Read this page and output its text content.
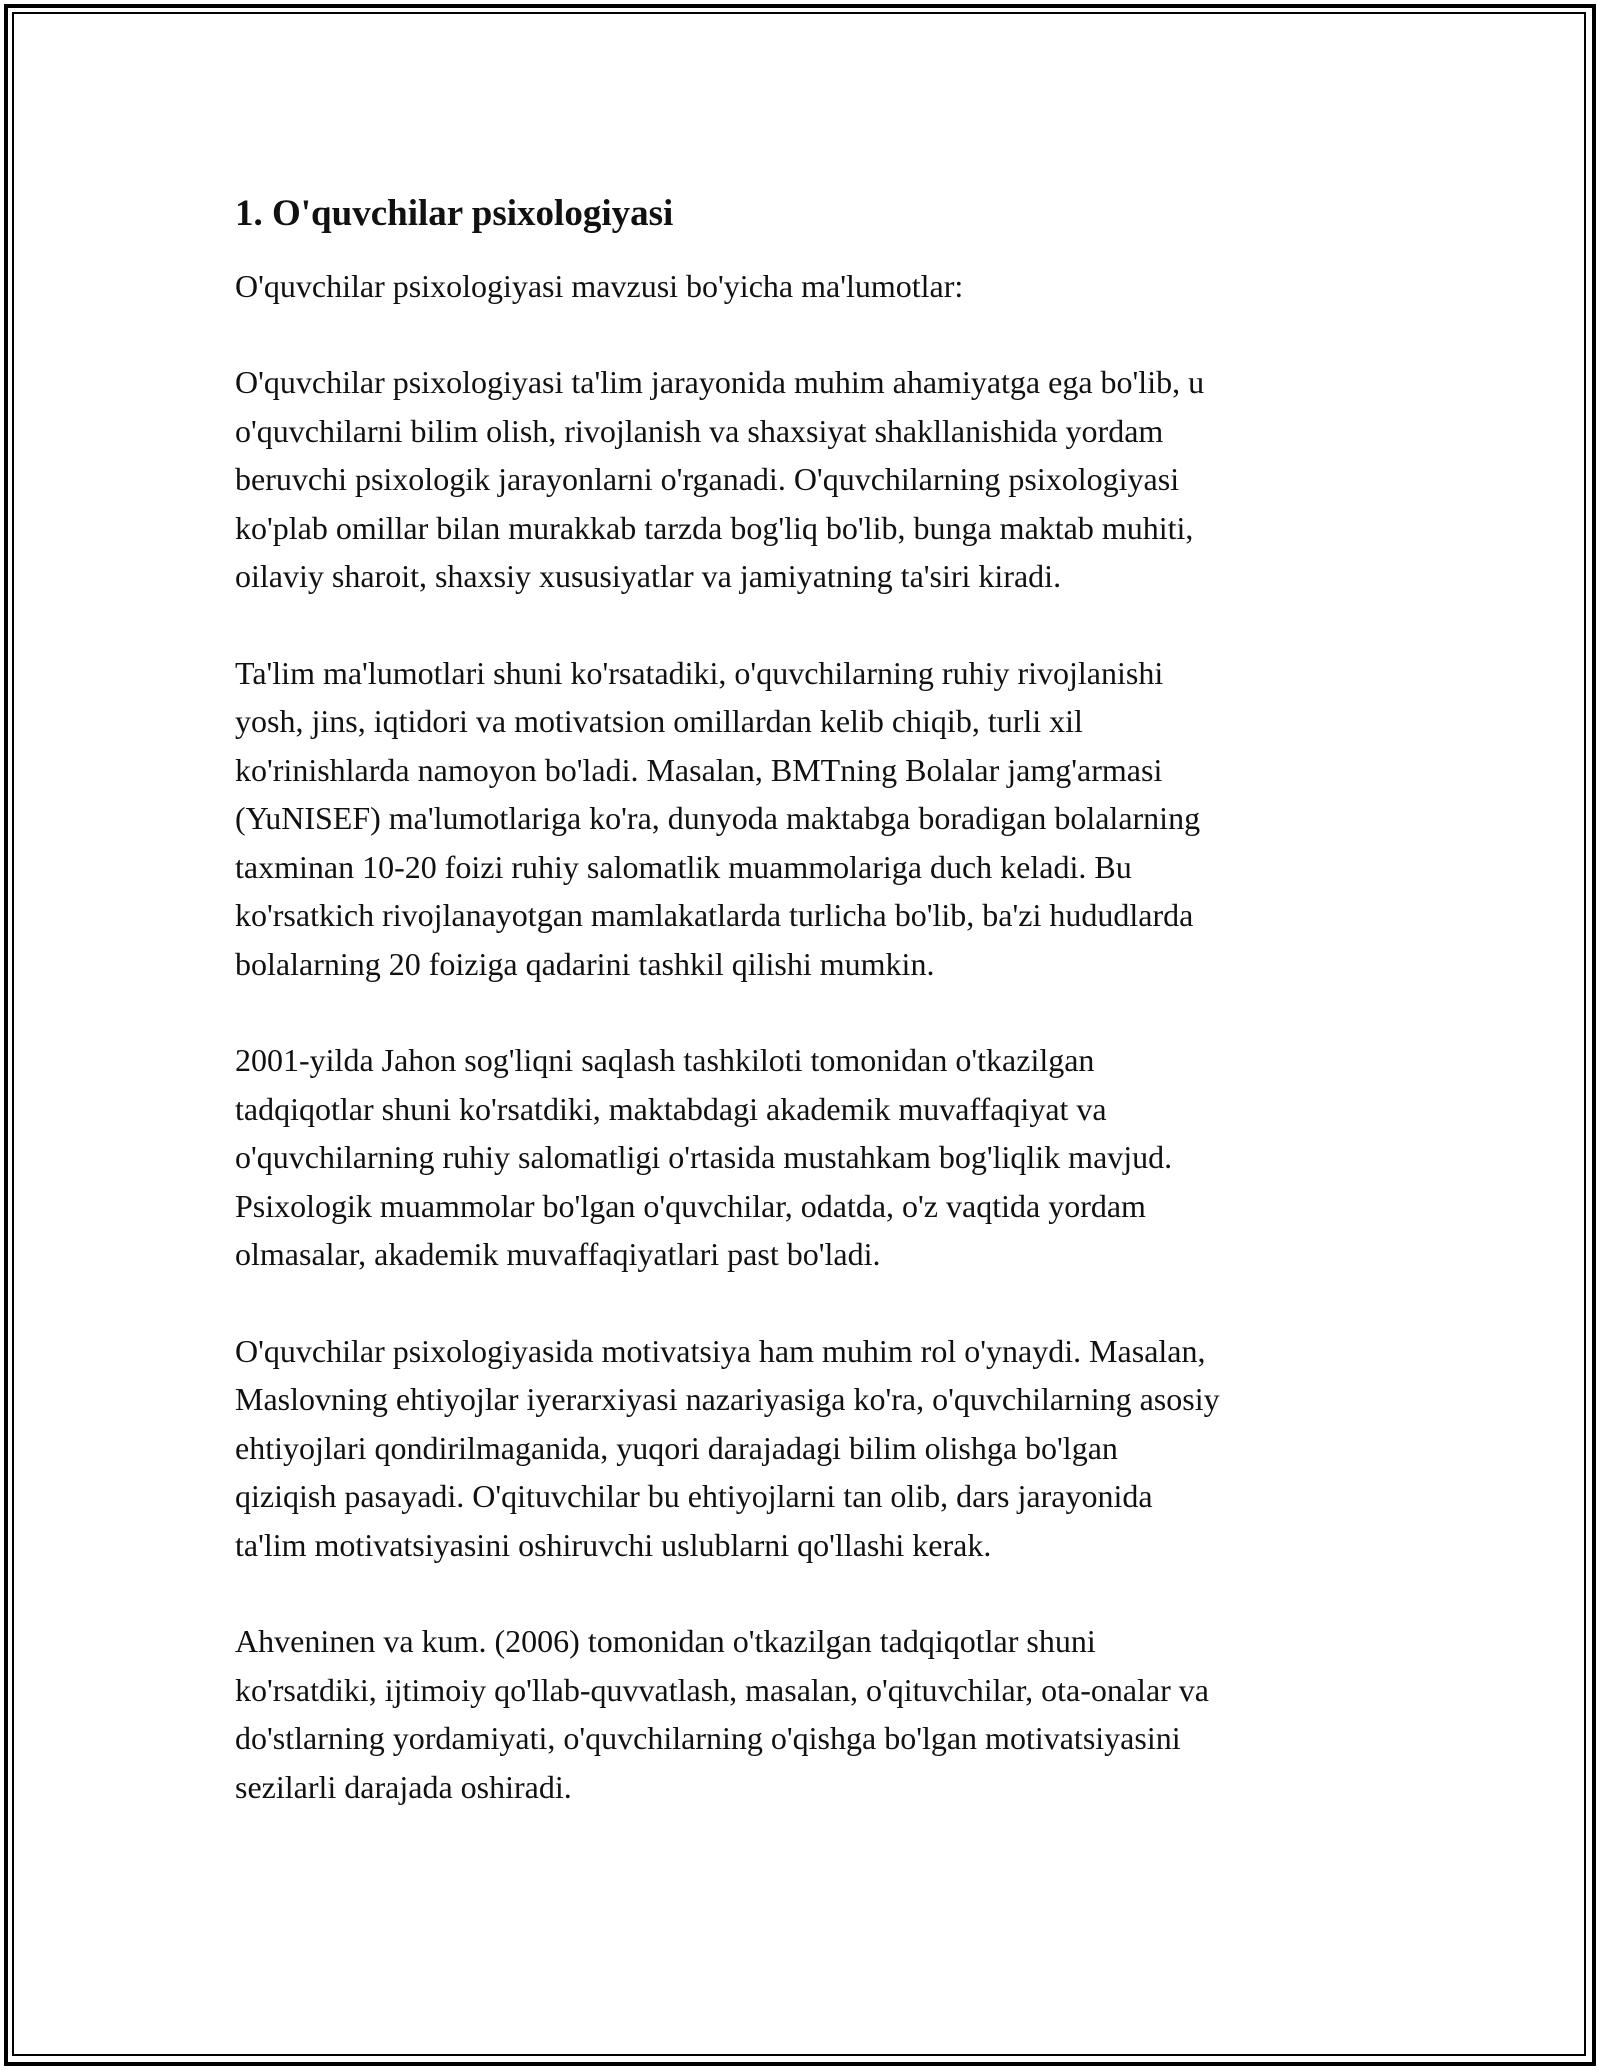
1. O'quvchilar psixologiyasi

O'quvchilar psixologiyasi mavzusi bo'yicha ma'lumotlar:

O'quvchilar psixologiyasi ta'lim jarayonida muhim ahamiyatga ega bo'lib, u
o'quvchilarni bilim olish, rivojlanish va shaxsiyat shakllanishida yordam
beruvchi psixologik jarayonlarni o'rganadi. O'quvchilarning psixologiyasi
ko'plab omillar bilan murakkab tarzda bog'liq bo'lib, bunga maktab muhiti,
oilaviy sharoit, shaxsiy xususiyatlar va jamiyatning ta'siri kiradi.

Ta'lim ma'lumotlari shuni ko'rsatadiki, o'quvchilarning ruhiy rivojlanishi
yosh, jins, iqtidori va motivatsion omillardan kelib chiqib, turli xil
ko'rinishlarda namoyon bo'ladi. Masalan, BMTning Bolalar jamg'armasi
(YuNISEF) ma'lumotlariga ko'ra, dunyoda maktabga boradigan bolalarning
taxminan 10-20 foizi ruhiy salomatlik muammolariga duch keladi. Bu
ko'rsatkich rivojlanayotgan mamlakatlarda turlicha bo'lib, ba'zi hududlarda
bolalarning 20 foiziga qadarini tashkil qilishi mumkin.

2001-yilda Jahon sog'liqni saqlash tashkiloti tomonidan o'tkazilgan
tadqiqotlar shuni ko'rsatdiki, maktabdagi akademik muvaffaqiyat va
o'quvchilarning ruhiy salomatligi o'rtasida mustahkam bog'liqlik mavjud.
Psixologik muammolar bo'lgan o'quvchilar, odatda, o'z vaqtida yordam
olmasalar, akademik muvaffaqiyatlari past bo'ladi.

O'quvchilar psixologiyasida motivatsiya ham muhim rol o'ynaydi. Masalan,
Maslovning ehtiyojlar iyerarxiyasi nazariyasiga ko'ra, o'quvchilarning asosiy
ehtiyojlari qondirilmaganida, yuqori darajadagi bilim olishga bo'lgan
qiziqish pasayadi. O'qituvchilar bu ehtiyojlarni tan olib, dars jarayonida
ta'lim motivatsiyasini oshiruvchi uslublarni qo'llashi kerak.

Ahveninen va kum. (2006) tomonidan o'tkazilgan tadqiqotlar shuni
ko'rsatdiki, ijtimoiy qo'llab-quvvatlash, masalan, o'qituvchilar, ota-onalar va
do'stlarning yordamiyati, o'quvchilarning o'qishga bo'lgan motivatsiyasini
sezilarli darajada oshiradi.
